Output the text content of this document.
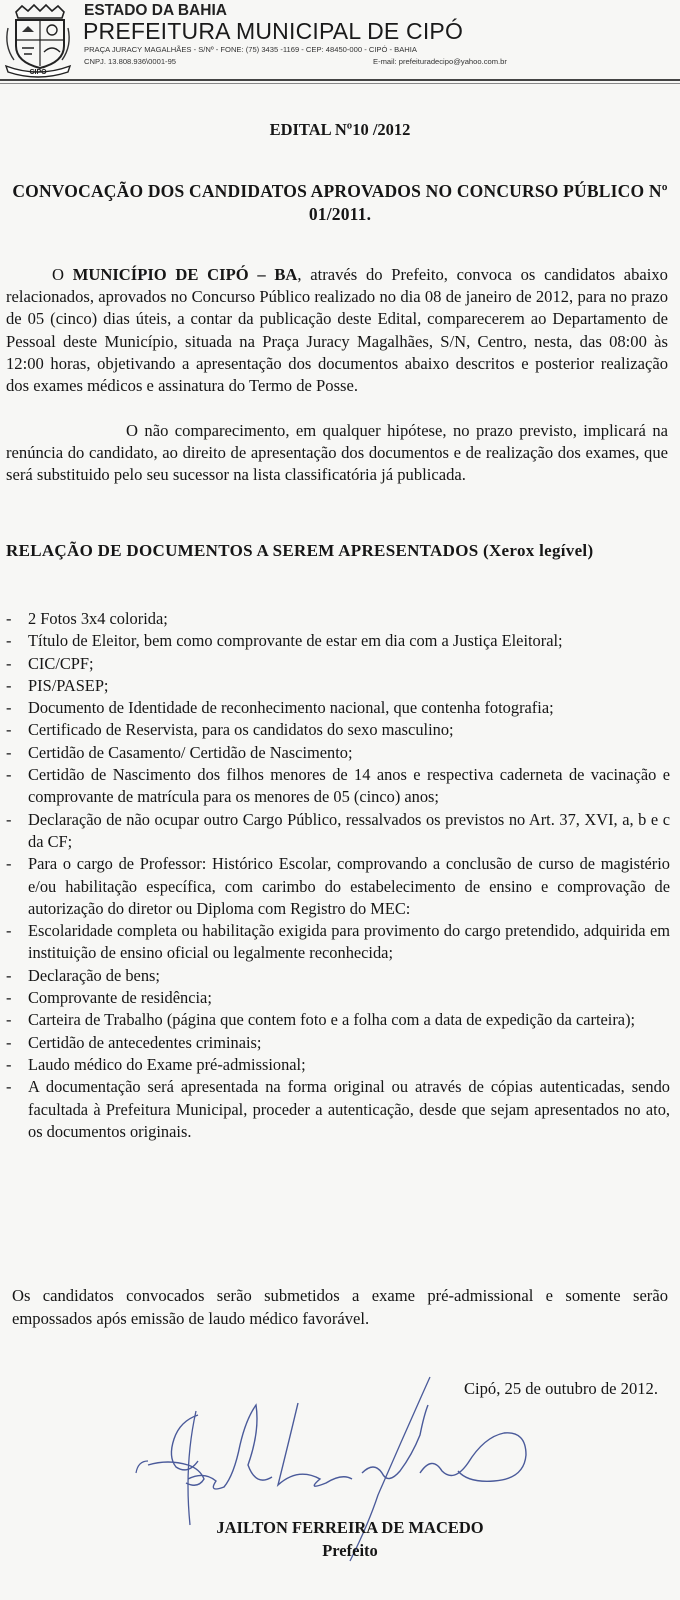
CIPÓ
ESTADO DA BAHIA
PREFEITURA MUNICIPAL DE CIPÓ
PRAÇA JURACY MAGALHÃES - S/Nº - FONE: (75) 3435 -1169 - CEP: 48450-000 - CIPÓ - BAHIA
CNPJ. 13.808.936\0001-95	E-mail: prefeituradecipo@yahoo.com.br
EDITAL Nº10 /2012
CONVOCAÇÃO DOS CANDIDATOS APROVADOS NO CONCURSO PÚBLICO Nº 01/2011.

O MUNICÍPIO DE CIPÓ – BA, através do Prefeito, convoca os candidatos abaixo relacionados, aprovados no Concurso Público realizado no dia 08 de janeiro de 2012, para no prazo de 05 (cinco) dias úteis, a contar da publicação deste Edital, comparecerem ao Departamento de Pessoal deste Município, situada na Praça Juracy Magalhães, S/N, Centro, nesta, das 08:00 às 12:00 horas, objetivando a apresentação dos documentos abaixo descritos e posterior realização dos exames médicos e assinatura do Termo de Posse.

O não comparecimento, em qualquer hipótese, no prazo previsto, implicará na renúncia do candidato, ao direito de apresentação dos documentos e de realização dos exames, que será substituido pelo seu sucessor na lista classificatória já publicada.

RELAÇÃO DE DOCUMENTOS A SEREM APRESENTADOS (Xerox legível)
- 2 Fotos 3x4 colorida;
- Título de Eleitor, bem como comprovante de estar em dia com a Justiça Eleitoral;
- CIC/CPF;
- PIS/PASEP;
- Documento de Identidade de reconhecimento nacional, que contenha fotografia;
- Certificado de Reservista, para os candidatos do sexo masculino;
- Certidão de Casamento/ Certidão de Nascimento;
- Certidão de Nascimento dos filhos menores de 14 anos e respectiva caderneta de vacinação e comprovante de matrícula para os menores de 05 (cinco) anos;
- Declaração de não ocupar outro Cargo Público, ressalvados os previstos no Art. 37, XVI, a, b e c da CF;
- Para o cargo de Professor: Histórico Escolar, comprovando a conclusão de curso de magistério e/ou habilitação específica, com carimbo do estabelecimento de ensino e comprovação de autorização do diretor ou Diploma com Registro do MEC:
- Escolaridade completa ou habilitação exigida para provimento do cargo pretendido, adquirida em instituição de ensino oficial ou legalmente reconhecida;
- Declaração de bens;
- Comprovante de residência;
- Carteira de Trabalho (página que contem foto e a folha com a data de expedição da carteira);
- Certidão de antecedentes criminais;
- Laudo médico do Exame pré-admissional;
- A documentação será apresentada na forma original ou através de cópias autenticadas, sendo facultada à Prefeitura Municipal, proceder a autenticação, desde que sejam apresentados no ato, os documentos originais.

Os candidatos convocados serão submetidos a exame pré-admissional e somente serão empossados após emissão de laudo médico favorável.

Cipó, 25 de outubro de 2012.
JAILTON FERREIRA DE MACEDO
Prefeito
